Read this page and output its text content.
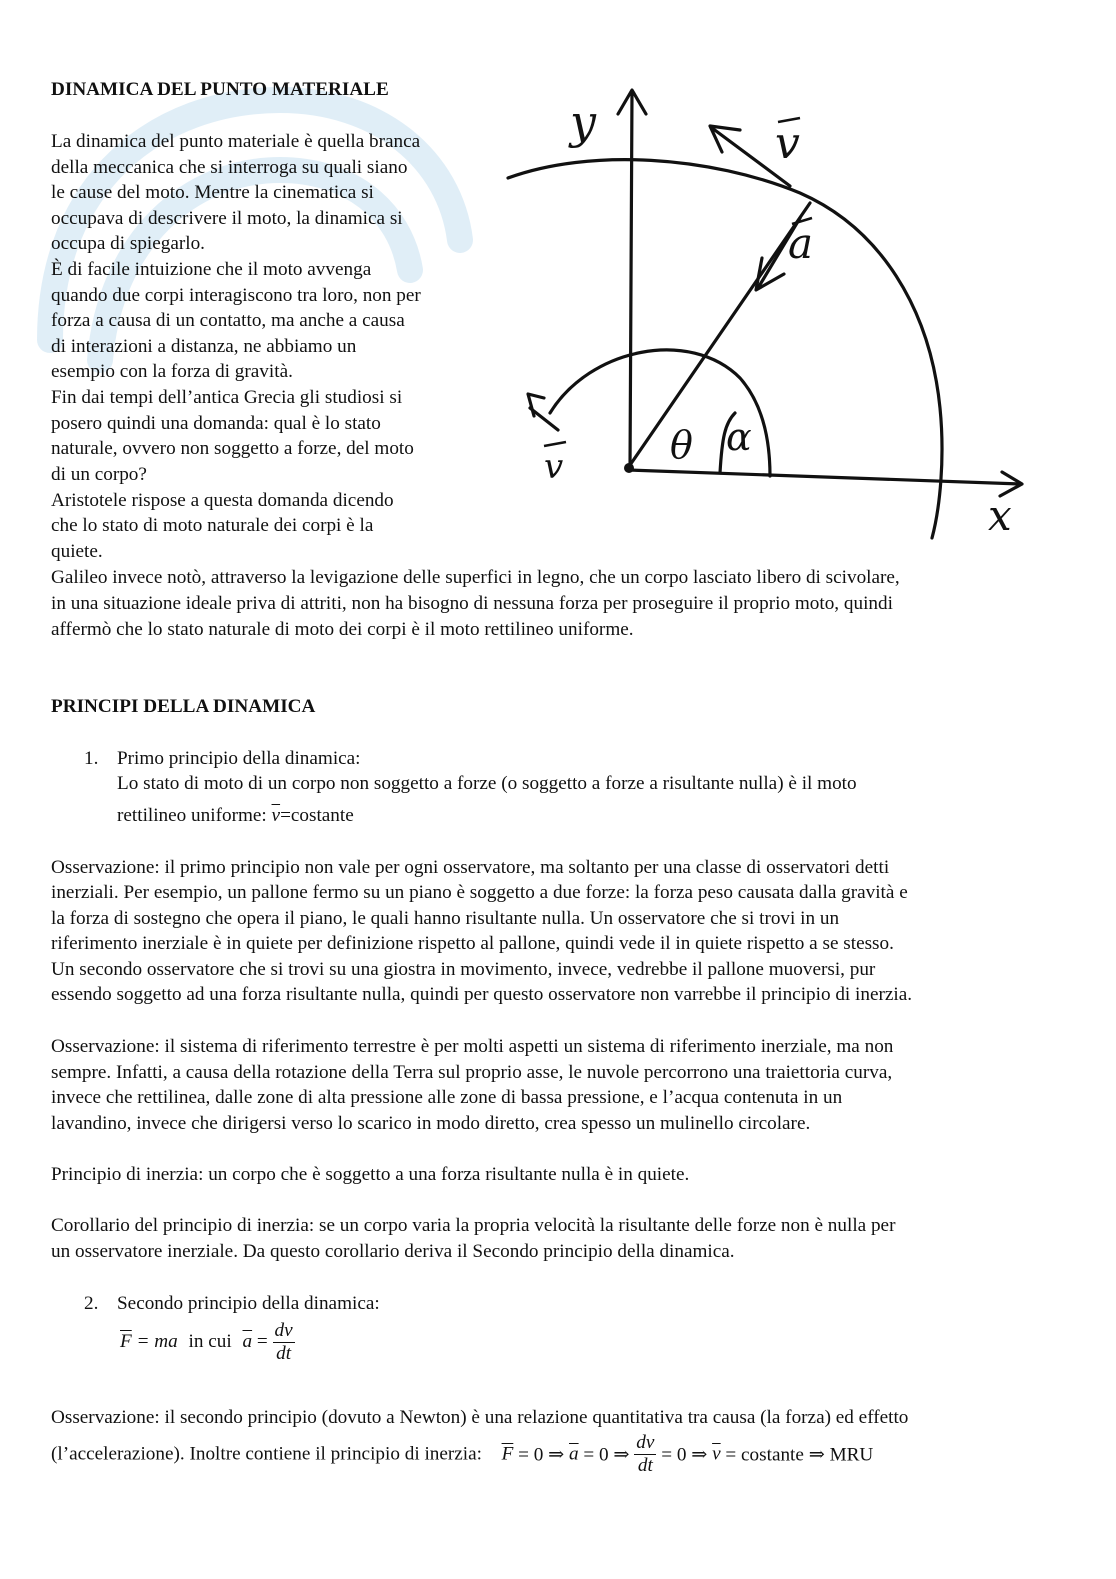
DINAMICA DEL PUNTO MATERIALE
La dinamica del punto materiale è quella branca
della meccanica che si interroga su quali siano
le cause del moto. Mentre la cinematica si
occupava di descrivere il moto, la dinamica si
occupa di spiegarlo.
È di facile intuizione che il moto avvenga
quando due corpi interagiscono tra loro, non per
forza a causa di un contatto, ma anche a causa
di interazioni a distanza, ne abbiamo un
esempio con la forza di gravità.
Fin dai tempi dell’antica Grecia gli studiosi si
posero quindi una domanda: qual è lo stato
naturale, ovvero non soggetto a forze, del moto
di un corpo?
Aristotele rispose a questa domanda dicendo
che lo stato di moto naturale dei corpi è la
quiete.
Galileo invece notò, attraverso la levigazione delle superfici in legno, che un corpo lasciato libero di scivolare,
in una situazione ideale priva di attriti, non ha bisogno di nessuna forza per proseguire il proprio moto, quindi
affermò che lo stato naturale di moto dei corpi è il moto rettilineo uniforme.
y
x
v
a
θ α
v
PRINCIPI DELLA DINAMICA
1. Primo principio della dinamica:
Lo stato di moto di un corpo non soggetto a forze (o soggetto a forze a risultante nulla) è il moto
rettilineo uniforme: $\overline{v}=costante$
Osservazione: il primo principio non vale per ogni osservatore, ma soltanto per una classe di osservatori detti
inerziali. Per esempio, un pallone fermo su un piano è soggetto a due forze: la forza peso causata dalla gravità e
la forza di sostegno che opera il piano, le quali hanno risultante nulla. Un osservatore che si trovi in un
riferimento inerziale è in quiete per definizione rispetto al pallone, quindi vede il in quiete rispetto a se stesso.
Un secondo osservatore che si trovi su una giostra in movimento, invece, vedrebbe il pallone muoversi, pur
essendo soggetto ad una forza risultante nulla, quindi per questo osservatore non varrebbe il principio di inerzia.
Osservazione: il sistema di riferimento terrestre è per molti aspetti un sistema di riferimento inerziale, ma non
sempre. Infatti, a causa della rotazione della Terra sul proprio asse, le nuvole percorrono una traiettoria curva,
invece che rettilinea, dalle zone di alta pressione alle zone di bassa pressione, e l’acqua contenuta in un
lavandino, invece che dirigersi verso lo scarico in modo diretto, crea spesso un mulinello circolare.
Principio di inerzia: un corpo che è soggetto a una forza risultante nulla è in quiete.
Corollario del principio di inerzia: se un corpo varia la propria velocità la risultante delle forze non è nulla per
un osservatore inerziale. Da questo corollario deriva il Secondo principio della dinamica.
2. Secondo principio della dinamica:
$\overline{F}$ = ma in cui $\overline{a} = \frac{dv}{dt}$
Osservazione: il secondo principio (dovuto a Newton) è una relazione quantitativa tra causa (la forza) ed effetto
(l’accelerazione). Inoltre contiene il principio di inerzia: $\overline{F} = 0$ ⇒ $\overline{a} = 0$ ⇒ $\frac{dv}{dt} = 0$ ⇒ $\overline{v}$ = costante ⇒ MRU
